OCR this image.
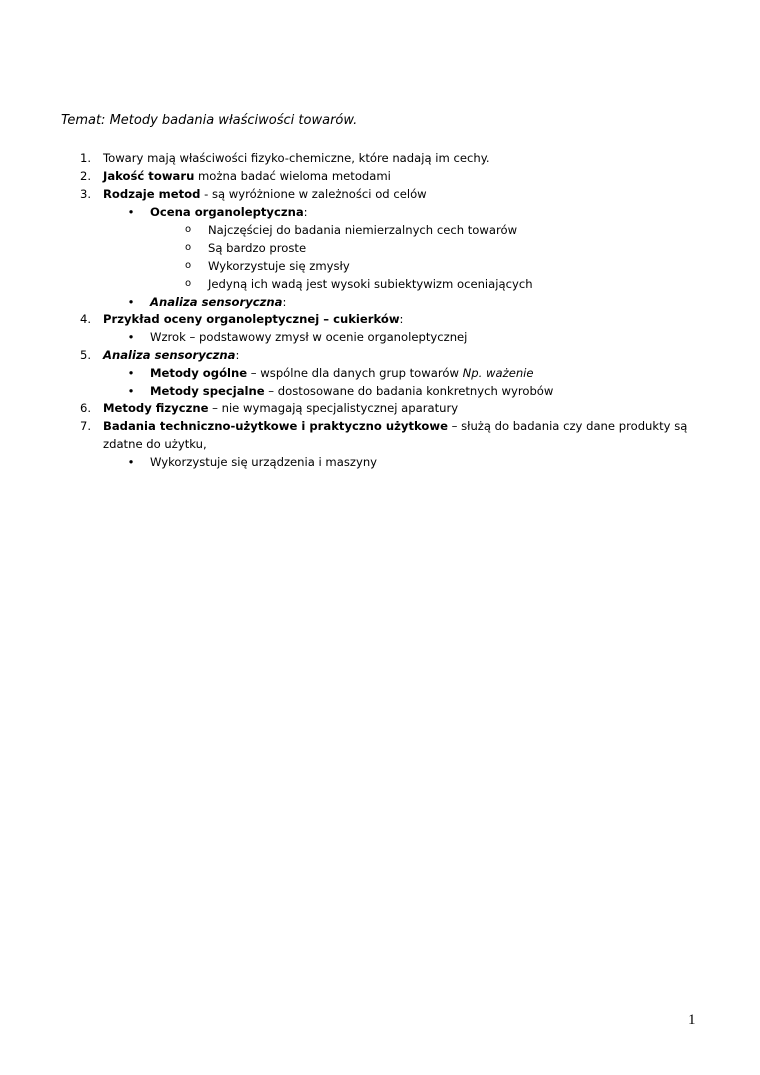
Temat: Metody badania właściwości towarów.
1. Towary mają właściwości fizyko-chemiczne, które nadają im cechy.
2. Jakość towaru można badać wieloma metodami
3. Rodzaje metod - są wyróżnione w zależności od celów
• Ocena organoleptyczna:
o Najczęściej do badania niemierzalnych cech towarów
o Są bardzo proste
o Wykorzystuje się zmysły
o Jedyną ich wadą jest wysoki subiektywizm oceniających
• Analiza sensoryczna:
4. Przykład oceny organoleptycznej – cukierków:
• Wzrok – podstawowy zmysł w ocenie organoleptycznej
5. Analiza sensoryczna:
• Metody ogólne – wspólne dla danych grup towarów Np. ważenie
• Metody specjalne – dostosowane do badania konkretnych wyrobów
6. Metody fizyczne – nie wymagają specjalistycznej aparatury
7. Badania techniczno-użytkowe i praktyczno użytkowe – służą do badania czy dane produkty są
zdatne do użytku,
• Wykorzystuje się urządzenia i maszyny
1
